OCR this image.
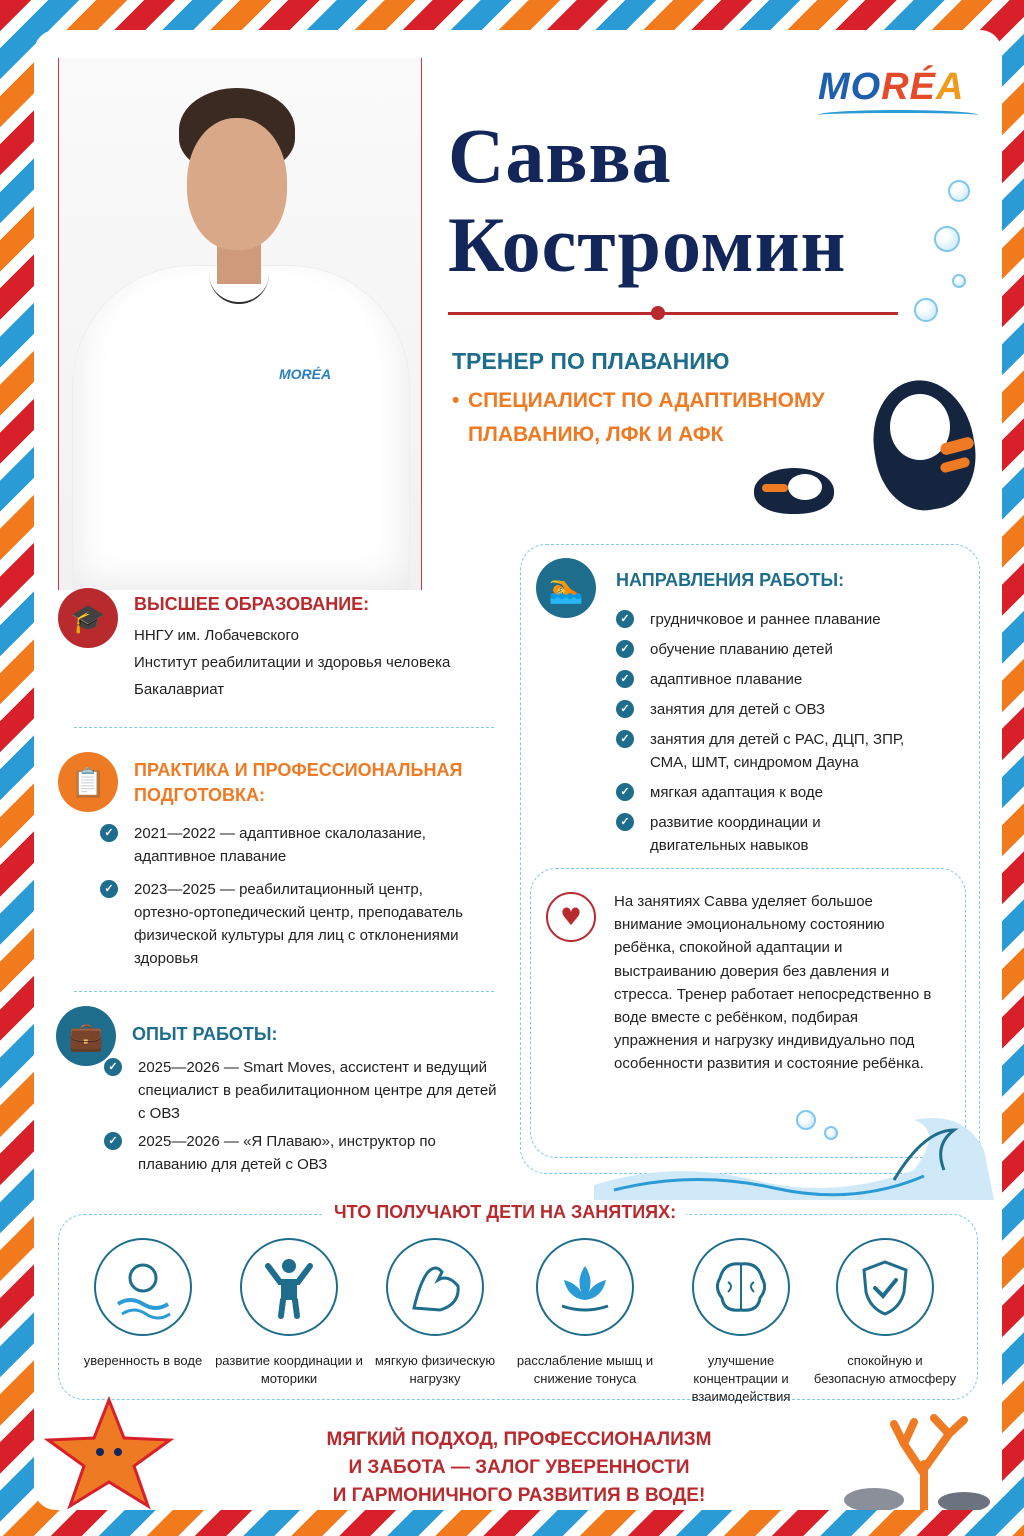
MORÉA
MORÉA
Савва
Костромин
ТРЕНЕР ПО ПЛАВАНИЮ
• СПЕЦИАЛИСТ ПО АДАПТИВНОМУ ПЛАВАНИЮ, ЛФК И АФК
🎓	ВЫСШЕЕ ОБРАЗОВАНИЕ:
ННГУ им. Лобачевского
Институт реабилитации и здоровья человека
Бакалавриат
📋	ПРАКТИКА И ПРОФЕССИОНАЛЬНАЯ ПОДГОТОВКА:
✓ 2021—2022 — адаптивное скалолазание, адаптивное плавание
✓ 2023—2025 — реабилитационный центр, ортезно-ортопедический центр, преподаватель физической культуры для лиц с отклонениями здоровья
💼	ОПЫТ РАБОТЫ:
✓ 2025—2026 — Smart Moves, ассистент и ведущий специалист в реабилитационном центре для детей с ОВЗ
✓ 2025—2026 — «Я Плаваю», инструктор по плаванию для детей с ОВЗ
🏊	НАПРАВЛЕНИЯ РАБОТЫ:
✓ грудничковое и раннее плавание
✓ обучение плаванию детей
✓ адаптивное плавание
✓ занятия для детей с ОВЗ
✓ занятия для детей с РАС, ДЦП, ЗПР, СМА, ШМТ, синдромом Дауна
✓ мягкая адаптация к воде
✓ развитие координации и двигательных навыков
♥
На занятиях Савва уделяет большое внимание эмоциональному состоянию ребёнка, спокойной адаптации и выстраиванию доверия без давления и стресса. Тренер работает непосредственно в воде вместе с ребёнком, подбирая упражнения и нагрузку индивидуально под особенности развития и состояние ребёнка.
ЧТО ПОЛУЧАЮТ ДЕТИ НА ЗАНЯТИЯХ:
уверенность в воде развитие координации и моторики
мягкую физическую нагрузку
расслабление мышц и снижение тонуса
улучшение концентрации и взаимодействия
спокойную и безопасную атмосферу
МЯГКИЙ ПОДХОД, ПРОФЕССИОНАЛИЗМ
И ЗАБОТА — ЗАЛОГ УВЕРЕННОСТИ
И ГАРМОНИЧНОГО РАЗВИТИЯ В ВОДЕ!
